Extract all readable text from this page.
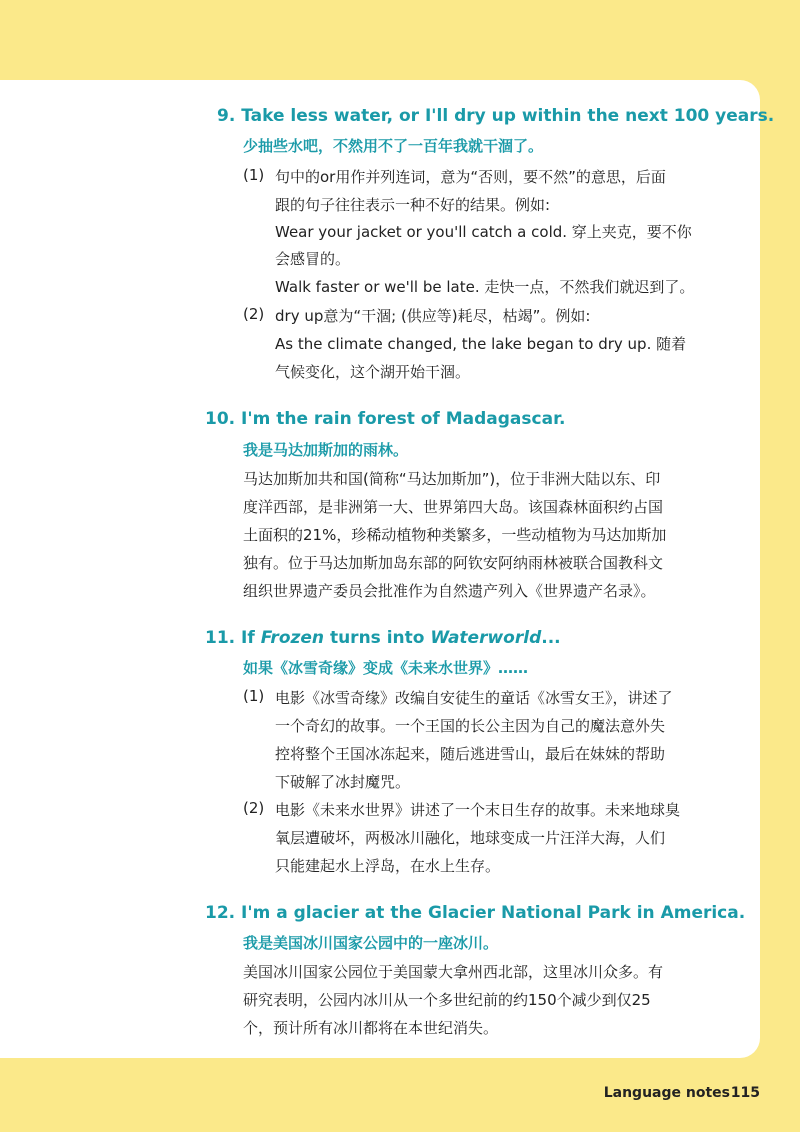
9. Take less water, or I'll dry up within the next 100 years.
少抽些水吧，不然用不了一百年我就干涸了。
(1) 句中的or用作并列连词，意为“否则，要不然”的意思，后面
跟的句子往往表示一种不好的结果。例如:
Wear your jacket or you'll catch a cold. 穿上夹克，要不你
会感冒的。
Walk faster or we'll be late. 走快一点，不然我们就迟到了。
(2) dry up意为“干涸; (供应等)耗尽，枯竭”。例如:
As the climate changed, the lake began to dry up. 随着
气候变化，这个湖开始干涸。
10. I'm the rain forest of Madagascar.
我是马达加斯加的雨林。
马达加斯加共和国(简称“马达加斯加”)，位于非洲大陆以东、印
度洋西部，是非洲第一大、世界第四大岛。该国森林面积约占国
土面积的21%，珍稀动植物种类繁多，一些动植物为马达加斯加
独有。位于马达加斯加岛东部的阿钦安阿纳雨林被联合国教科文
组织世界遗产委员会批准作为自然遗产列入《世界遗产名录》。
11. If Frozen turns into Waterworld...
如果《冰雪奇缘》变成《未来水世界》……
(1) 电影《冰雪奇缘》改编自安徒生的童话《冰雪女王》，讲述了
一个奇幻的故事。一个王国的长公主因为自己的魔法意外失
控将整个王国冰冻起来，随后逃进雪山，最后在妹妹的帮助
下破解了冰封魔咒。
(2) 电影《未来水世界》讲述了一个末日生存的故事。未来地球臭
氧层遭破坏，两极冰川融化，地球变成一片汪洋大海，人们
只能建起水上浮岛，在水上生存。
12. I'm a glacier at the Glacier National Park in America.
我是美国冰川国家公园中的一座冰川。
美国冰川国家公园位于美国蒙大拿州西北部，这里冰川众多。有
研究表明，公园内冰川从一个多世纪前的约150个减少到仅25
个，预计所有冰川都将在本世纪消失。
Language notes 115
